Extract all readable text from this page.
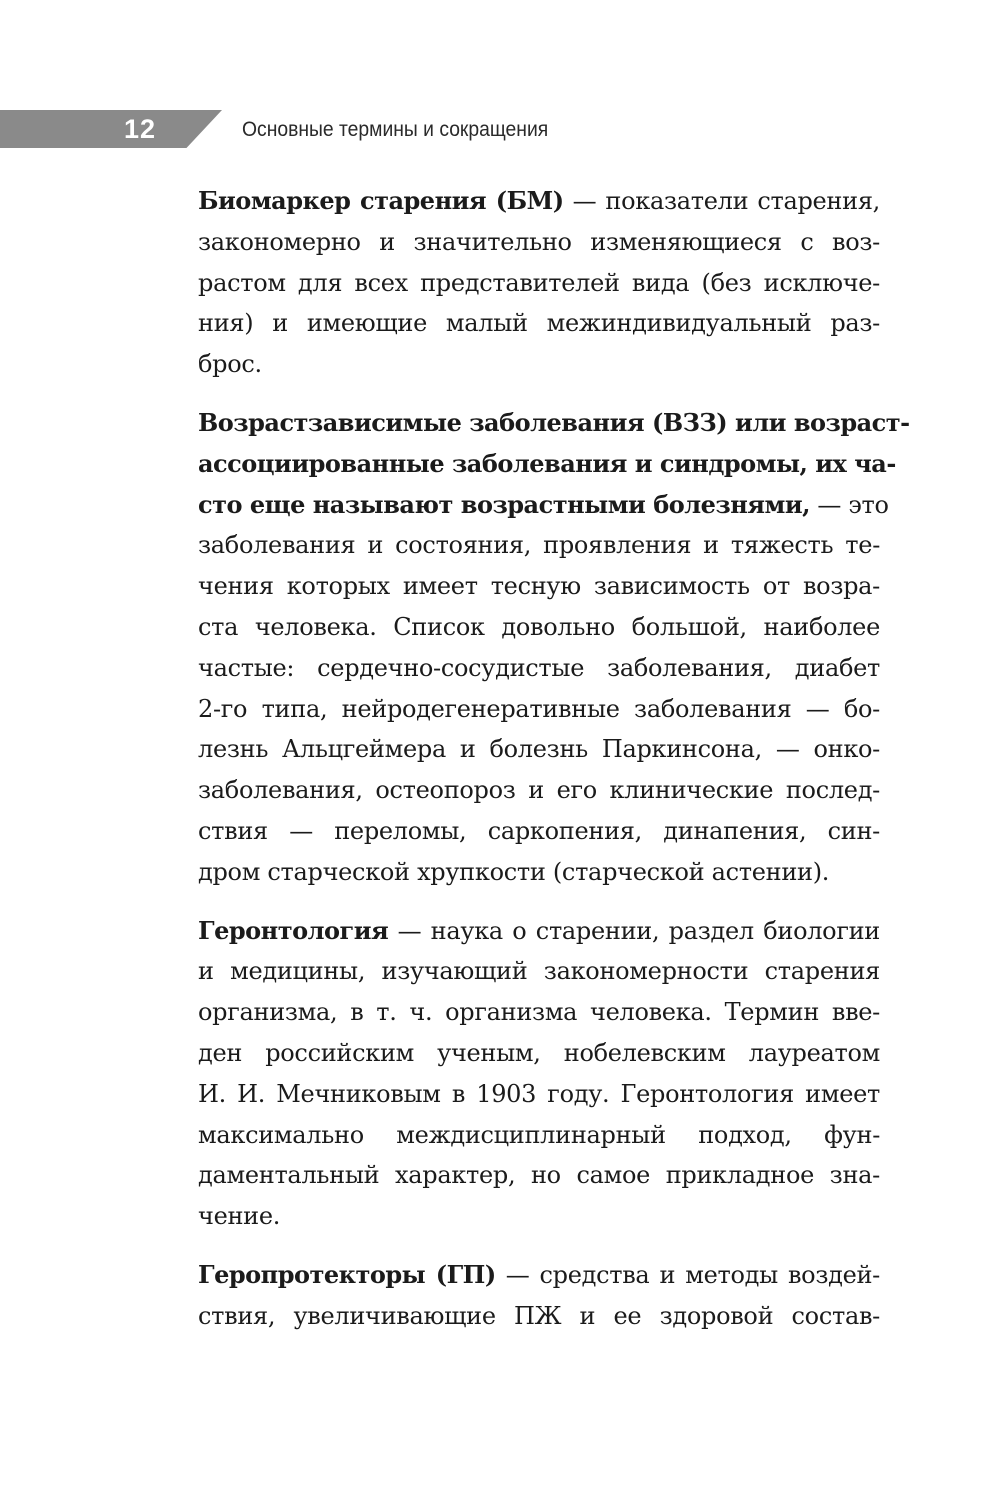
12	Основные термины и сокращения
Биомаркер старения (БМ) — показатели старения,
закономерно и значительно изменяющиеся с воз-
растом для всех представителей вида (без исключе-
ния) и имеющие малый межиндивидуальный раз-
брос.
Возрастзависимые заболевания (ВЗЗ) или возраст-
ассоциированные заболевания и синдромы, их ча-
сто еще называют возрастными болезнями, — это
заболевания и состояния, проявления и тяжесть те-
чения которых имеет тесную зависимость от возра-
ста человека. Список довольно большой, наиболее
частые: сердечно-сосудистые заболевания, диабет
2-го типа, нейродегенеративные заболевания — бо-
лезнь Альцгеймера и болезнь Паркинсона, — онко-
заболевания, остеопороз и его клинические послед-
ствия — переломы, саркопения, динапения, син-
дром старческой хрупкости (старческой астении).
Геронтология — наука о старении, раздел биологии
и медицины, изучающий закономерности старения
организма, в т. ч. организма человека. Термин вве-
ден российским ученым, нобелевским лауреатом
И. И. Мечниковым в 1903 году. Геронтология имеет
максимально междисциплинарный подход, фун-
даментальный характер, но самое прикладное зна-
чение.
Геропротекторы (ГП) — средства и методы воздей-
ствия, увеличивающие ПЖ и ее здоровой состав-
